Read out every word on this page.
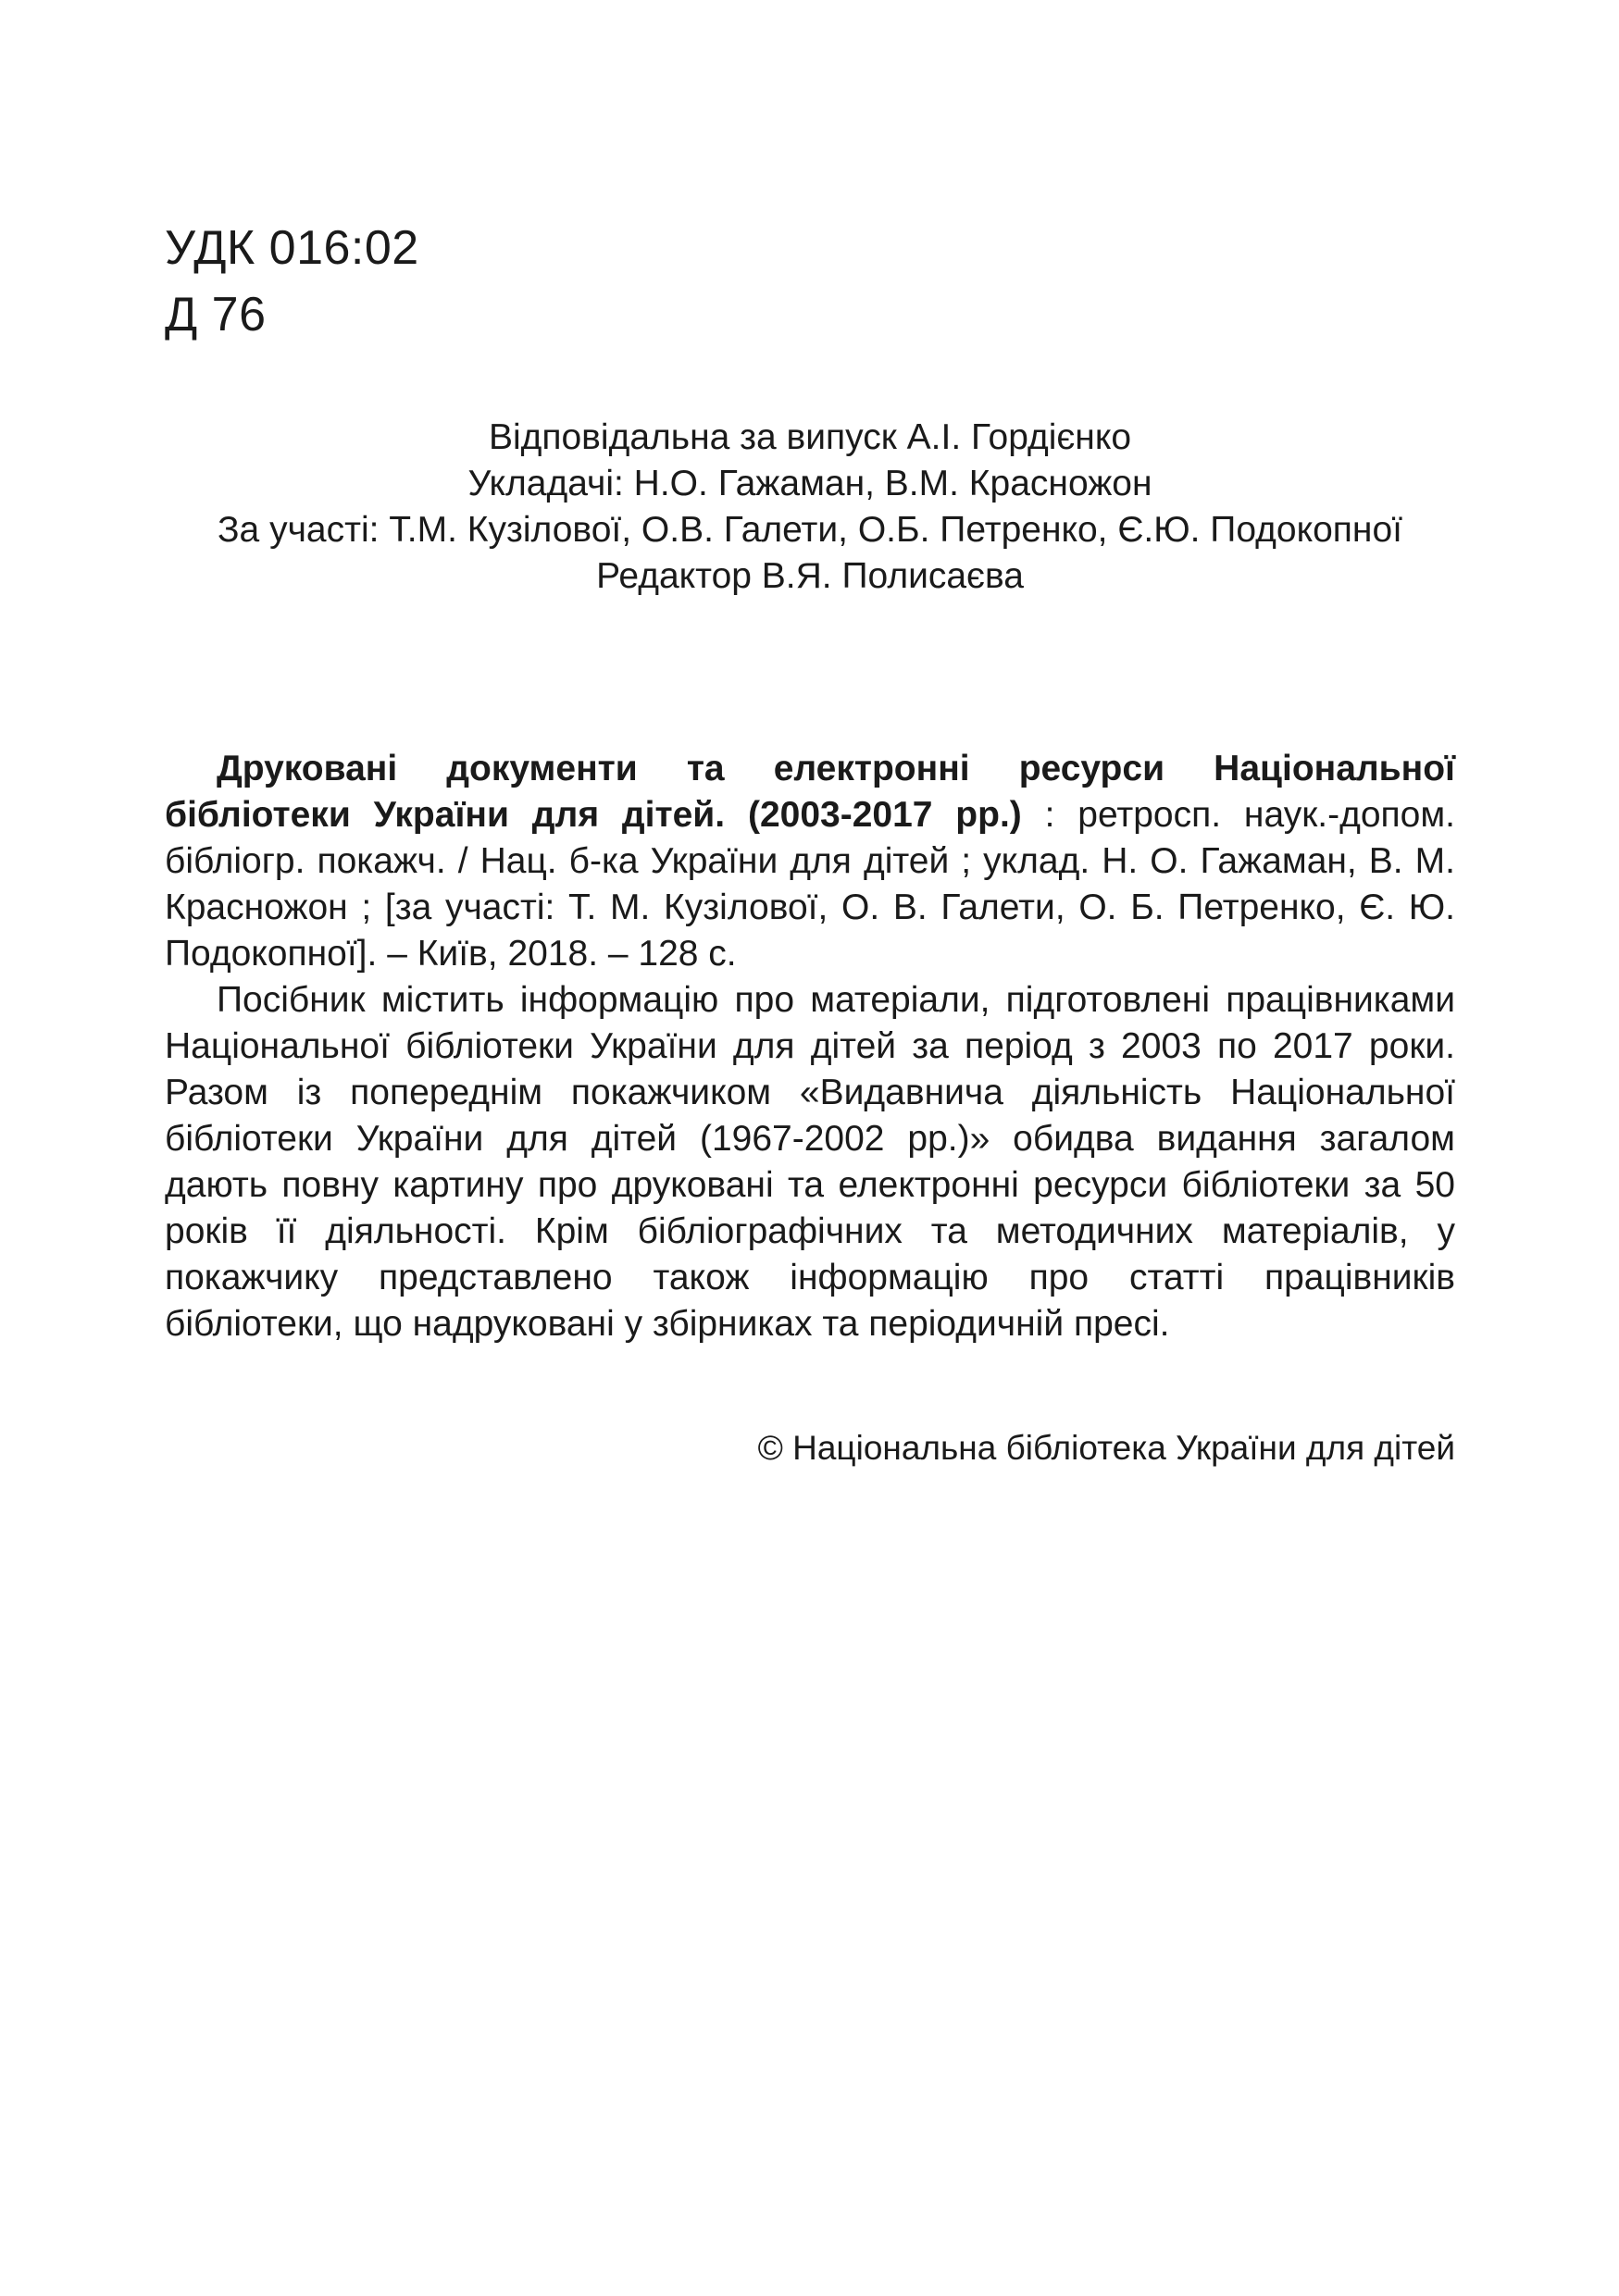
УДК 016:02
Д 76
Відповідальна за випуск А.І. Гордієнко
Укладачі: Н.О. Гажаман, В.М. Красножон
За участі: Т.М. Кузілової, О.В. Галети, О.Б. Петренко, Є.Ю. Подокопної
Редактор В.Я. Полисаєва

Друковані документи та електронні ресурси Національної бібліотеки України для дітей. (2003-2017 рр.) : ретросп. наук.-допом. бібліогр. покажч. / Нац. б-ка України для дітей ; уклад. Н. О. Гажаман, В. М. Красножон ; [за участі: Т. М. Кузілової, О. В. Галети, О. Б. Петренко, Є. Ю. Подокопної]. – Київ, 2018. – 128 с.

Посібник містить інформацію про матеріали, підготовлені працівниками Національної бібліотеки України для дітей за період з 2003 по 2017 роки. Разом із попереднім покажчиком «Видавнича діяльність Національної бібліотеки України для дітей (1967-2002 рр.)» обидва видання загалом дають повну картину про друковані та електронні ресурси бібліотеки за 50 років її діяльності. Крім бібліографічних та методичних матеріалів, у покажчику представлено також інформацію про статті працівників бібліотеки, що надруковані у збірниках та періодичній пресі.

© Національна бібліотека України для дітей
